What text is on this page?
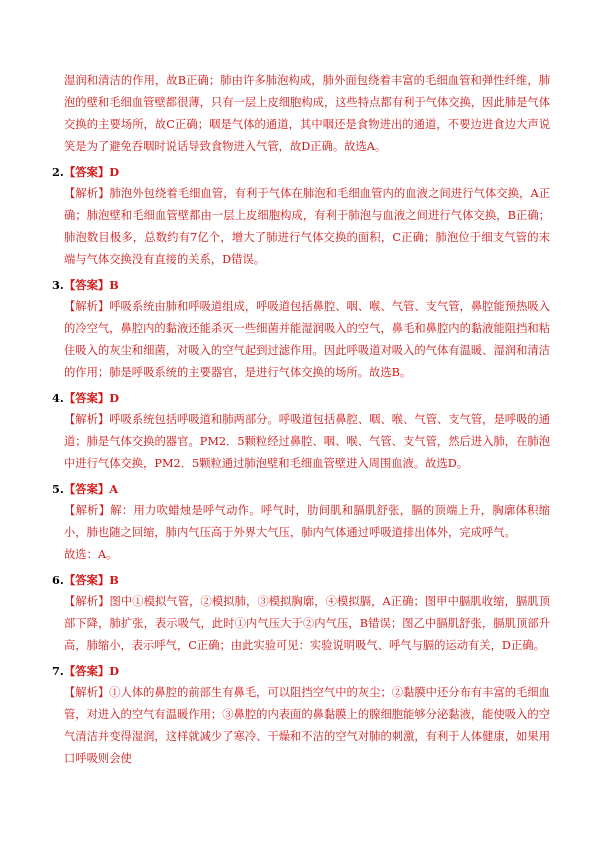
湿润和清洁的作用，故B正确；肺由许多肺泡构成，肺外面包绕着丰富的毛细血管和弹性纤维，肺泡的壁和毛细血管壁都很薄，只有一层上皮细胞构成，这些特点都有利于气体交换，因此肺是气体交换的主要场所，故C正确；咽是气体的通道，其中咽还是食物进出的通道，不要边进食边大声说笑是为了避免吞咽时说话导致食物进入气管，故D正确。故选A。

2.【答案】D

【解析】肺泡外包绕着毛细血管，有利于气体在肺泡和毛细血管内的血液之间进行气体交换，A正确；肺泡壁和毛细血管壁都由一层上皮细胞构成，有利于肺泡与血液之间进行气体交换，B正确；肺泡数目极多，总数约有7亿个，增大了肺进行气体交换的面积，C正确；肺泡位于细支气管的末端与气体交换没有直接的关系，D错误。

3.【答案】B

【解析】呼吸系统由肺和呼吸道组成，呼吸道包括鼻腔、咽、喉、气管、支气管，鼻腔能预热吸入的冷空气，鼻腔内的黏液还能杀灭一些细菌并能湿润吸入的空气，鼻毛和鼻腔内的黏液能阻挡和粘住吸入的灰尘和细菌，对吸入的空气起到过滤作用。因此呼吸道对吸入的气体有温暖、湿润和清洁的作用；肺是呼吸系统的主要器官，是进行气体交换的场所。故选B。

4.【答案】D

【解析】呼吸系统包括呼吸道和肺两部分。呼吸道包括鼻腔、咽、喉、气管、支气管，是呼吸的通道；肺是气体交换的器官。PM2．5颗粒经过鼻腔、咽、喉、气管、支气管，然后进入肺，在肺泡中进行气体交换，PM2．5颗粒通过肺泡壁和毛细血管壁进入周围血液。故选D。

5.【答案】A

【解析】解：用力吹蜡烛是呼气动作。呼气时，肋间肌和膈肌舒张，膈的顶端上升，胸廓体积缩小，肺也随之回缩，肺内气压高于外界大气压，肺内气体通过呼吸道排出体外，完成呼气。

故选：A。

6.【答案】B

【解析】图中①模拟气管，②模拟肺，③模拟胸廓，④模拟膈，A正确；图甲中膈肌收缩，膈肌顶部下降，肺扩张，表示吸气，此时①内气压大于②内气压，B错误；图乙中膈肌舒张，膈肌顶部升高，肺缩小，表示呼气，C正确；由此实验可见：实验说明吸气、呼气与膈的运动有关，D正确。

7.【答案】D

【解析】①人体的鼻腔的前部生有鼻毛，可以阻挡空气中的灰尘；②黏膜中还分布有丰富的毛细血管，对进入的空气有温暖作用；③鼻腔的内表面的鼻黏膜上的腺细胞能够分泌黏液，能使吸入的空气清洁并变得湿润，这样就减少了寒冷、干燥和不洁的空气对肺的刺激，有利于人体健康，如果用口呼吸则会使
